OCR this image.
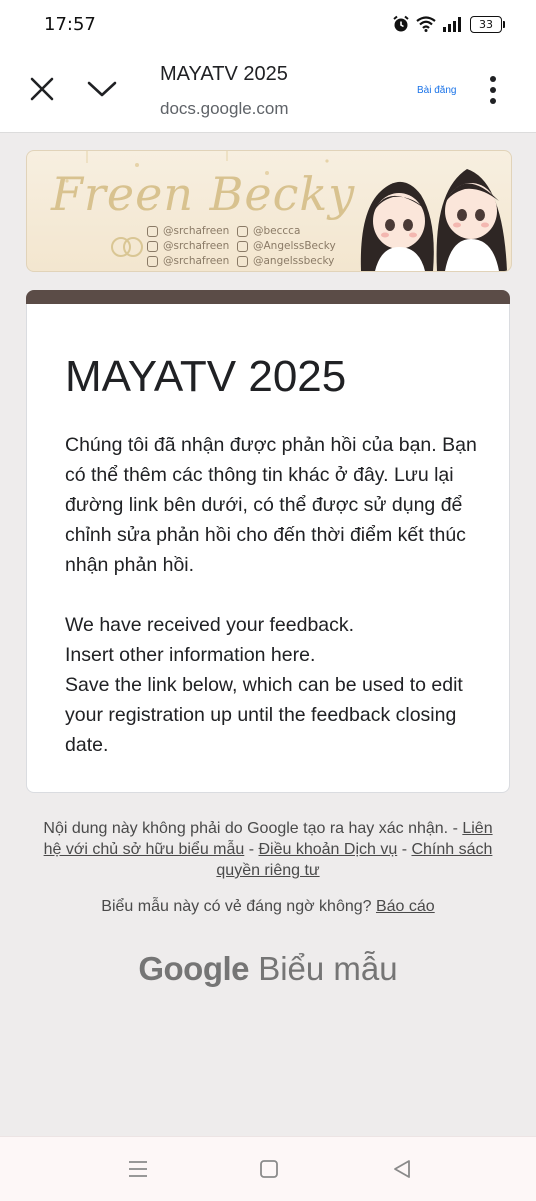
17:57	33
MAYATV 2025
docs.google.com
Bài đăng
Freen Becky
@srchafreen
@srchafreen
@srchafreen
@beccca
@AngelssBecky
@angelssbecky
MAYATV 2025

Chúng tôi đã nhận được phản hồi của bạn. Bạn có thể thêm các thông tin khác ở đây. Lưu lại đường link bên dưới, có thể được sử dụng để chỉnh sửa phản hồi cho đến thời điểm kết thúc nhận phản hồi.

We have received your feedback.
Insert other information here.
Save the link below, which can be used to edit your registration up until the feedback closing date.

Nội dung này không phải do Google tạo ra hay xác nhận. - Liên hệ với chủ sở hữu biểu mẫu - Điều khoản Dịch vụ - Chính sách quyền riêng tư
Biểu mẫu này có vẻ đáng ngờ không? Báo cáo
Google Biểu mẫu
